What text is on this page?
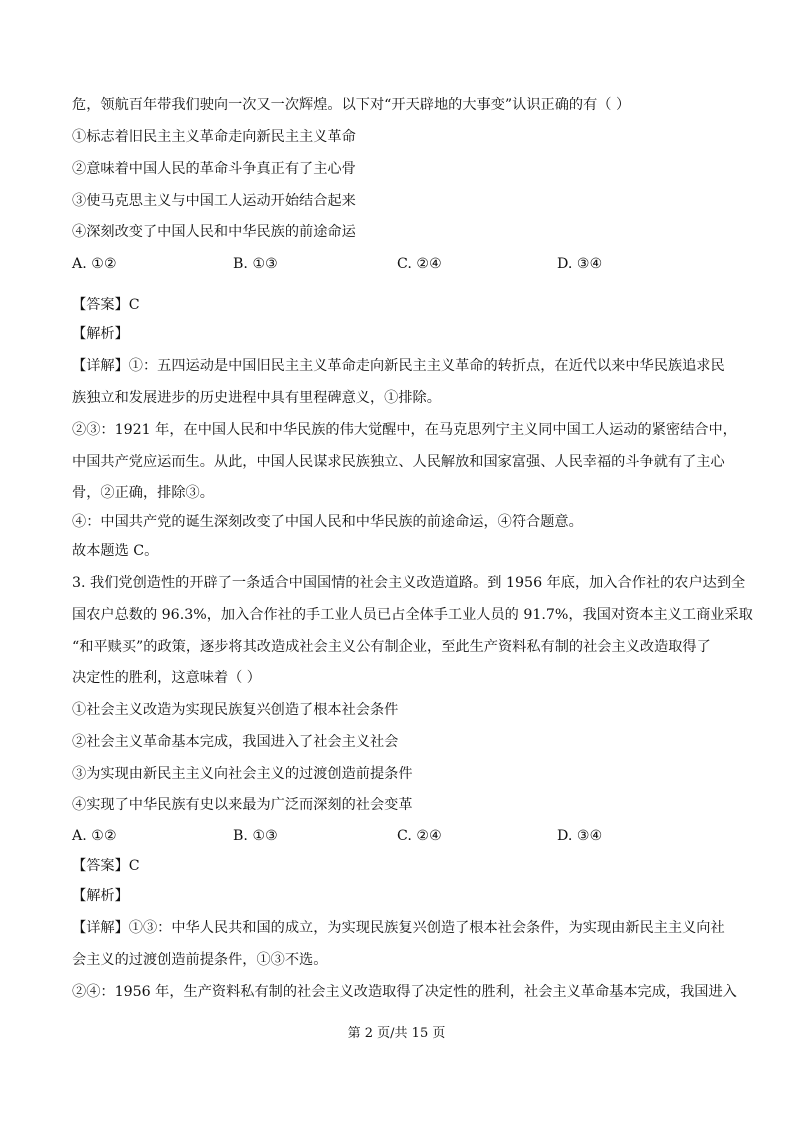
危，领航百年带我们驶向一次又一次辉煌。以下对“开天辟地的大事变”认识正确的有（ ）
①标志着旧民主主义革命走向新民主主义革命
②意味着中国人民的革命斗争真正有了主心骨
③使马克思主义与中国工人运动开始结合起来
④深刻改变了中国人民和中华民族的前途命运
A. ①②	B. ①③	C. ②④	D. ③④
【答案】C
【解析】
【详解】①：五四运动是中国旧民主主义革命走向新民主主义革命的转折点，在近代以来中华民族追求民
族独立和发展进步的历史进程中具有里程碑意义，①排除。
②③：1921 年，在中国人民和中华民族的伟大觉醒中，在马克思列宁主义同中国工人运动的紧密结合中，
中国共产党应运而生。从此，中国人民谋求民族独立、人民解放和国家富强、人民幸福的斗争就有了主心
骨，②正确，排除③。
④：中国共产党的诞生深刻改变了中国人民和中华民族的前途命运，④符合题意。
故本题选 C。
3. 我们党创造性的开辟了一条适合中国国情的社会主义改造道路。到 1956 年底，加入合作社的农户达到全
国农户总数的 96.3%，加入合作社的手工业人员已占全体手工业人员的 91.7%，我国对资本主义工商业采取
“和平赎买”的政策，逐步将其改造成社会主义公有制企业，至此生产资料私有制的社会主义改造取得了
决定性的胜利，这意味着（ ）
①社会主义改造为实现民族复兴创造了根本社会条件
②社会主义革命基本完成，我国进入了社会主义社会
③为实现由新民主主义向社会主义的过渡创造前提条件
④实现了中华民族有史以来最为广泛而深刻的社会变革
A. ①②	B. ①③	C. ②④	D. ③④
【答案】C
【解析】
【详解】①③：中华人民共和国的成立，为实现民族复兴创造了根本社会条件，为实现由新民主主义向社
会主义的过渡创造前提条件，①③不选。
②④：1956 年，生产资料私有制的社会主义改造取得了决定性的胜利，社会主义革命基本完成，我国进入
第 2 页/共 15 页
